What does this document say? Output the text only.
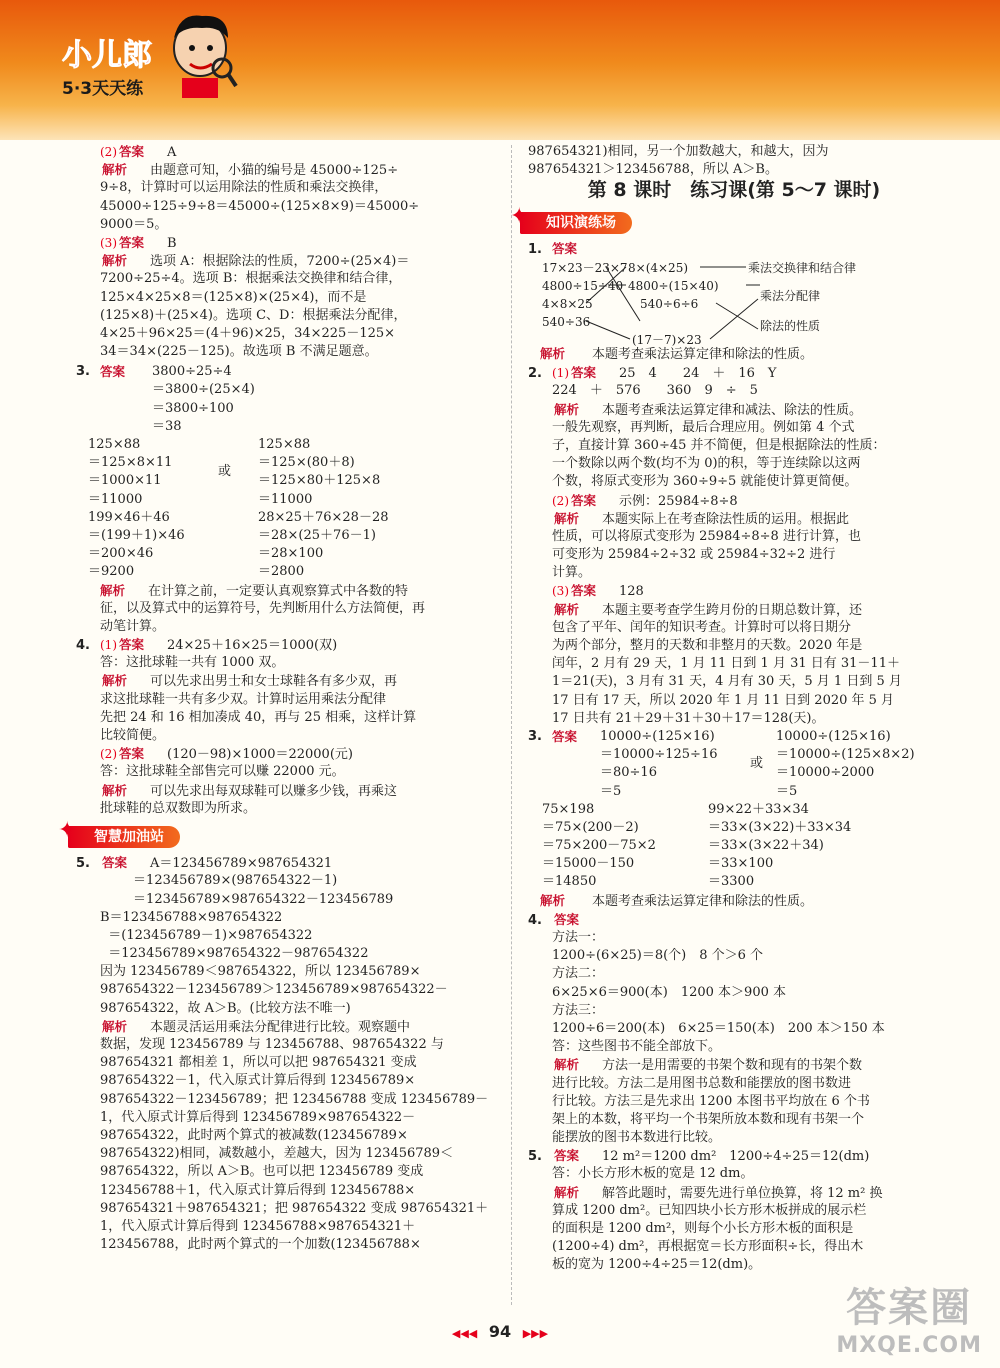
小儿郎
5·3天天练
(2) 答案 A
解析 由题意可知，小猫的编号是 45000÷125÷
9÷8，计算时可以运用除法的性质和乘法交换律，
45000÷125÷9÷8＝45000÷(125×8×9)＝45000÷
9000＝5。
(3) 答案 B
解析 选项 A：根据除法的性质，7200÷(25×4)＝
7200÷25÷4。选项 B：根据乘法交换律和结合律，
125×4×25×8＝(125×8)×(25×4)，而不是
(125×8)＋(25×4)。选项 C、D：根据乘法分配律，
4×25＋96×25＝(4＋96)×25，34×225－125×
34＝34×(225－125)。故选项 B 不满足题意。
3. 答案	3800÷25÷4
＝3800÷(25×4)
＝3800÷100
＝38
125×88
＝125×8×11
＝1000×11
＝11000
或
125×88
＝125×(80＋8)
＝125×80＋125×8
＝11000
199×46＋46
＝(199＋1)×46
＝200×46
＝9200
28×25＋76×28－28
＝28×(25＋76－1)
＝28×100
＝2800
解析 在计算之前，一定要认真观察算式中各数的特
征，以及算式中的运算符号，先判断用什么方法简便，再
动笔计算。
4. (1) 答案 24×25＋16×25＝1000(双)
答：这批球鞋一共有 1000 双。
解析 可以先求出男士和女士球鞋各有多少双，再
求这批球鞋一共有多少双。计算时运用乘法分配律
先把 24 和 16 相加凑成 40，再与 25 相乘，这样计算
比较简便。
(2) 答案 (120－98)×1000＝22000(元)
答：这批球鞋全部售完可以赚 22000 元。
解析 可以先求出每双球鞋可以赚多少钱，再乘这
批球鞋的总双数即为所求。
✦ 智慧加油站
5. 答案 A＝123456789×987654321
＝123456789×(987654322－1)
＝123456789×987654322－123456789
B＝123456788×987654322
＝(123456789－1)×987654322
＝123456789×987654322－987654322
因为 123456789＜987654322，所以 123456789×
987654322－123456789＞123456789×987654322－
987654322，故 A＞B。(比较方法不唯一)
解析 本题灵活运用乘法分配律进行比较。观察题中
数据，发现 123456789 与 123456788、987654322 与
987654321 都相差 1，所以可以把 987654321 变成
987654322－1，代入原式计算后得到 123456789×
987654322－123456789；把 123456788 变成 123456789－
1，代入原式计算后得到 123456789×987654322－
987654322，此时两个算式的被减数(123456789×
987654322)相同，减数越小，差越大，因为 123456789＜
987654322，所以 A＞B。也可以把 123456789 变成
123456788＋1，代入原式计算后得到 123456788×
987654321＋987654321；把 987654322 变成 987654321＋
1，代入原式计算后得到 123456788×987654321＋
123456788，此时两个算式的一个加数(123456788×
987654321)相同，另一个加数越大，和越大，因为
987654321＞123456788，所以 A＞B。
第 8 课时　练习课(第 5～7 课时)
✦ 知识演练场
1. 答案
17×23－23×7
4800÷15÷40
4×8×25
540÷36
8×(4×25)
4800÷(15×40)
540÷6÷6
(17－7)×23
乘法交换律和结合律
乘法分配律
除法的性质
解析 本题考查乘法运算定律和除法的性质。
2. (1) 答案 25　4　　24　＋　16　Y
224　＋　576　　360　9　÷　5
解析 本题考查乘法运算定律和减法、除法的性质。
一般先观察，再判断，最后合理应用。例如第 4 个式
子，直接计算 360÷45 并不简便，但是根据除法的性质：
一个数除以两个数(均不为 0)的积，等于连续除以这两
个数，将原式变形为 360÷9÷5 就能使计算更简便。
(2) 答案 示例：25984÷8÷8
解析 本题实际上在考查除法性质的运用。根据此
性质，可以将原式变形为 25984÷8÷8 进行计算，也
可变形为 25984÷2÷32 或 25984÷32÷2 进行
计算。
(3) 答案 128
解析 本题主要考查学生跨月份的日期总数计算，还
包含了平年、闰年的知识考查。计算时可以将日期分
为两个部分，整月的天数和非整月的天数。2020 年是
闰年，2 月有 29 天，1 月 11 日到 1 月 31 日有 31－11＋
1＝21(天)，3 月有 31 天，4 月有 30 天，5 月 1 日到 5 月
17 日有 17 天，所以 2020 年 1 月 11 日到 2020 年 5 月
17 日共有 21＋29＋31＋30＋17＝128(天)。
3. 答案	10000÷(125×16)
＝10000÷125÷16
＝80÷16
＝5
或
10000÷(125×16)
＝10000÷(125×8×2)
＝10000÷2000
＝5
75×198
＝75×(200－2)
＝75×200－75×2
＝15000－150
＝14850
99×22＋33×34
＝33×(3×22)＋33×34
＝33×(3×22＋34)
＝33×100
＝3300
解析 本题考查乘法运算定律和除法的性质。
4. 答案
方法一：
1200÷(6×25)＝8(个)　8 个＞6 个
方法二：
6×25×6＝900(本)　1200 本＞900 本
方法三：
1200÷6＝200(本)　6×25＝150(本)　200 本＞150 本
答：这些图书不能全部放下。
解析 方法一是用需要的书架个数和现有的书架个数
进行比较。方法二是用图书总数和能摆放的图书数进
行比较。方法三是先求出 1200 本图书平均放在 6 个书
架上的本数，将平均一个书架所放本数和现有书架一个
能摆放的图书本数进行比较。
5. 答案 12 m²＝1200 dm²　1200÷4÷25＝12(dm)
答：小长方形木板的宽是 12 dm。
解析 解答此题时，需要先进行单位换算，将 12 m² 换
算成 1200 dm²。已知四块小长方形木板拼成的展示栏
的面积是 1200 dm²，则每个小长方形木板的面积是
(1200÷4) dm²，再根据宽＝长方形面积÷长，得出木
板的宽为 1200÷4÷25＝12(dm)。
◀◀◀ 94 ▶▶▶
答案圈
MXQE.COM
